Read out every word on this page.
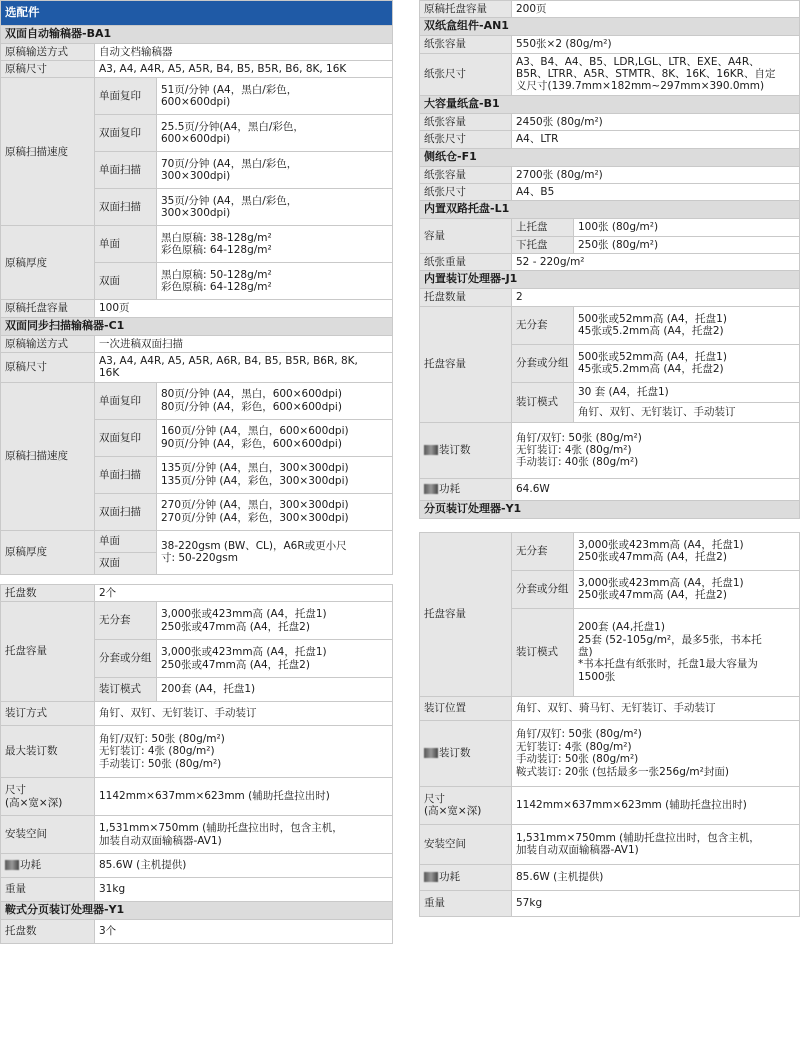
选配件		
双面自动输稿器-BA1		
原稿输送方式	自动文档输稿器	
原稿尺寸	A3, A4, A4R, A5, A5R, B4, B5, B5R, B6, 8K, 16K	
原稿扫描速度	单面复印	51页/分钟 (A4，黑白/彩色，
600×600dpi)

	双面复印	25.5页/分钟(A4，黑白/彩色，
600×600dpi)

	单面扫描	70页/分钟 (A4，黑白/彩色，
300×300dpi)

	双面扫描	35页/分钟 (A4，黑白/彩色，
300×300dpi)

原稿厚度	单面	黑白原稿: 38-128g/m²
彩色原稿: 64-128g/m²

	双面	黑白原稿: 50-128g/m²
彩色原稿: 64-128g/m²

原稿托盘容量	100页	
双面同步扫描输稿器-C1		
原稿输送方式	一次进稿双面扫描	
原稿尺寸	A3, A4, A4R, A5, A5R, A6R, B4, B5, B5R, B6R, 8K,
16K	

原稿扫描速度	单面复印	80页/分钟 (A4，黑白，600×600dpi)
80页/分钟 (A4，彩色，600×600dpi)

	双面复印	160页/分钟 (A4，黑白，600×600dpi)
90页/分钟 (A4，彩色，600×600dpi)

	单面扫描	135页/分钟 (A4，黑白，300×300dpi)
135页/分钟 (A4，彩色，300×300dpi)

	双面扫描	270页/分钟 (A4，黑白，300×300dpi)
270页/分钟 (A4，彩色，300×300dpi)

原稿厚度	单面	38-220gsm (BW、CL)，A6R或更小尺
寸: 50-220gsm

	双面	

托盘数	2个	
托盘容量	无分套	3,000张或423mm高 (A4，托盘1)
250张或47mm高 (A4，托盘2)

	分套或分组	3,000张或423mm高 (A4，托盘1)
250张或47mm高 (A4，托盘2)

	装订模式	200套 (A4，托盘1)
装订方式	角钉、双钉、无钉装订、手动装订	
最大装订数	角钉/双钉: 50张 (80g/m²)
无钉装订: 4张 (80g/m²)
手动装订: 50张 (80g/m²)	

尺寸
(高×宽×深)	1142mm×637mm×623mm (辅助托盘拉出时)	
安装空间	1,531mm×750mm (辅助托盘拉出时，包含主机，
加装自动双面输稿器-AV1)	

功耗	85.6W (主机提供)	
重量	31kg	
鞍式分页装订处理器-Y1		
托盘数	3个	
原稿托盘容量	200页	
双纸盒组件-AN1		
纸张容量	550张×2 (80g/m²)	
纸张尺寸	A3、B4、A4、B5、LDR,LGL、LTR、EXE、A4R、
B5R、LTRR、A5R、STMTR、8K、16K、16KR、自定
义尺寸(139.7mm×182mm~297mm×390.0mm)	

大容量纸盒-B1		
纸张容量	2450张 (80g/m²)	
纸张尺寸	A4、LTR	
侧纸仓-F1		
纸张容量	2700张 (80g/m²)	
纸张尺寸	A4、B5	
内置双路托盘-L1		
容量	上托盘	100张 (80g/m²)
	下托盘	250张 (80g/m²)
纸张重量	52 - 220g/m²	
内置装订处理器-J1		
托盘数量	2	
托盘容量	无分套	500张或52mm高 (A4，托盘1)
45张或5.2mm高 (A4，托盘2)

	分套或分组	500张或52mm高 (A4，托盘1)
45张或5.2mm高 (A4，托盘2)

	装订模式	30 套 (A4，托盘1)
		角钉、双钉、无钉装订、手动装订
装订数	角钉/双钉: 50张 (80g/m²)
无钉装订: 4张 (80g/m²)
手动装订: 40张 (80g/m²)	

功耗	64.6W	
分页装订处理器-Y1		

托盘容量	无分套	3,000张或423mm高 (A4，托盘1)
250张或47mm高 (A4，托盘2)

	分套或分组	3,000张或423mm高 (A4，托盘1)
250张或47mm高 (A4，托盘2)

	装订模式	200套 (A4,托盘1)
25套 (52-105g/m²，最多5张，书本托
盘)
*书本托盘有纸张时，托盘1最大容量为
1500张

装订位置	角钉、双钉、骑马钉、无钉装订、手动装订	
装订数	角钉/双钉: 50张 (80g/m²)
无钉装订: 4张 (80g/m²)
手动装订: 50张 (80g/m²)
鞍式装订: 20张 (包括最多一张256g/m²封面)	

尺寸
(高×宽×深)	1142mm×637mm×623mm (辅助托盘拉出时)	
安装空间	1,531mm×750mm (辅助托盘拉出时，包含主机，
加装自动双面输稿器-AV1)	

功耗	85.6W (主机提供)	
重量	57kg	
